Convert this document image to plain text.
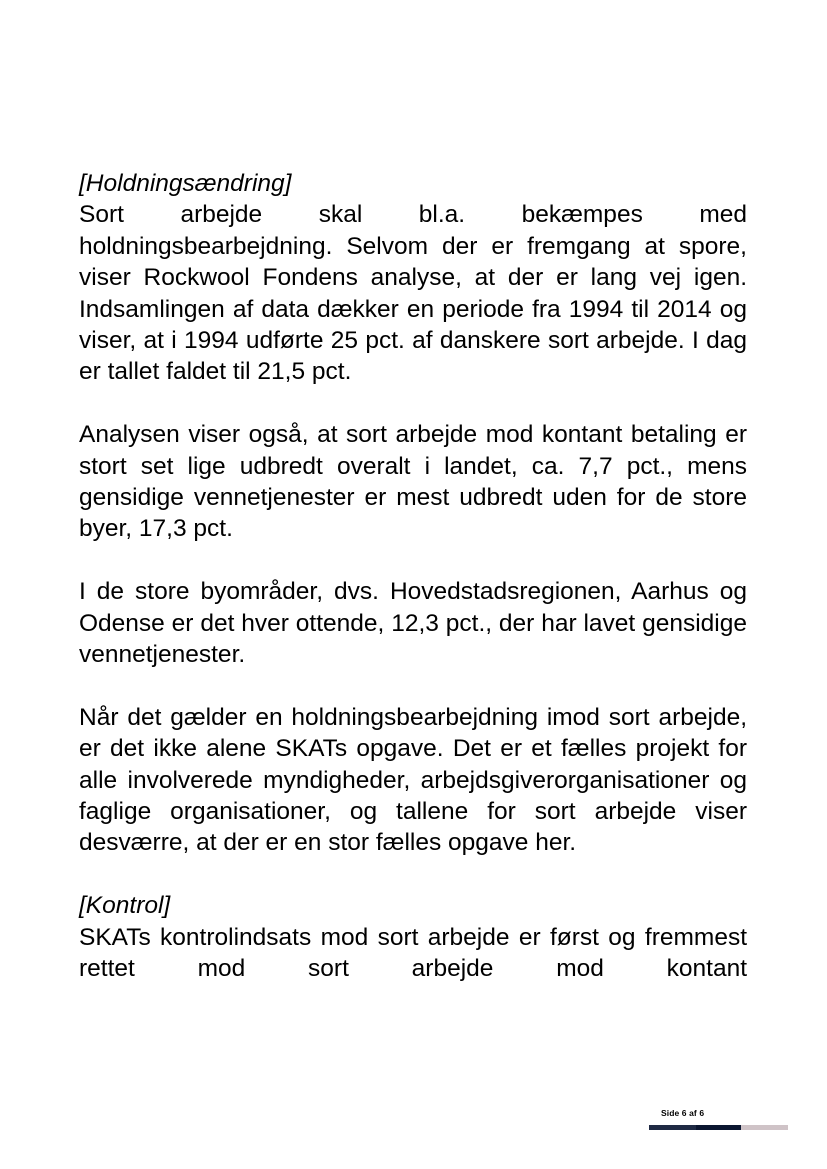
[Holdningsændring]

Sort arbejde skal bl.a. bekæmpes med holdningsbearbejdning. Selvom der er fremgang at spore, viser Rockwool Fondens analyse, at der er lang vej igen. Indsamlingen af data dækker en periode fra 1994 til 2014 og viser, at i 1994 udførte 25 pct. af danskere sort arbejde. I dag er tallet faldet til 21,5 pct.

Analysen viser også, at sort arbejde mod kontant betaling er stort set lige udbredt overalt i landet, ca. 7,7 pct., mens gensidige vennetjenester er mest udbredt uden for de store byer, 17,3 pct.

I de store byområder, dvs. Hovedstadsregionen, Aarhus og Odense er det hver ottende, 12,3 pct., der har lavet gensidige vennetjenester.

Når det gælder en holdningsbearbejdning imod sort arbejde, er det ikke alene SKATs opgave. Det er et fælles projekt for alle involverede myndigheder, arbejdsgiverorganisationer og faglige organisationer, og tallene for sort arbejde viser desværre, at der er en stor fælles opgave her.

[Kontrol]

SKATs kontrolindsats mod sort arbejde er først og fremmest rettet mod sort arbejde mod kontant

Side 6 af 6
